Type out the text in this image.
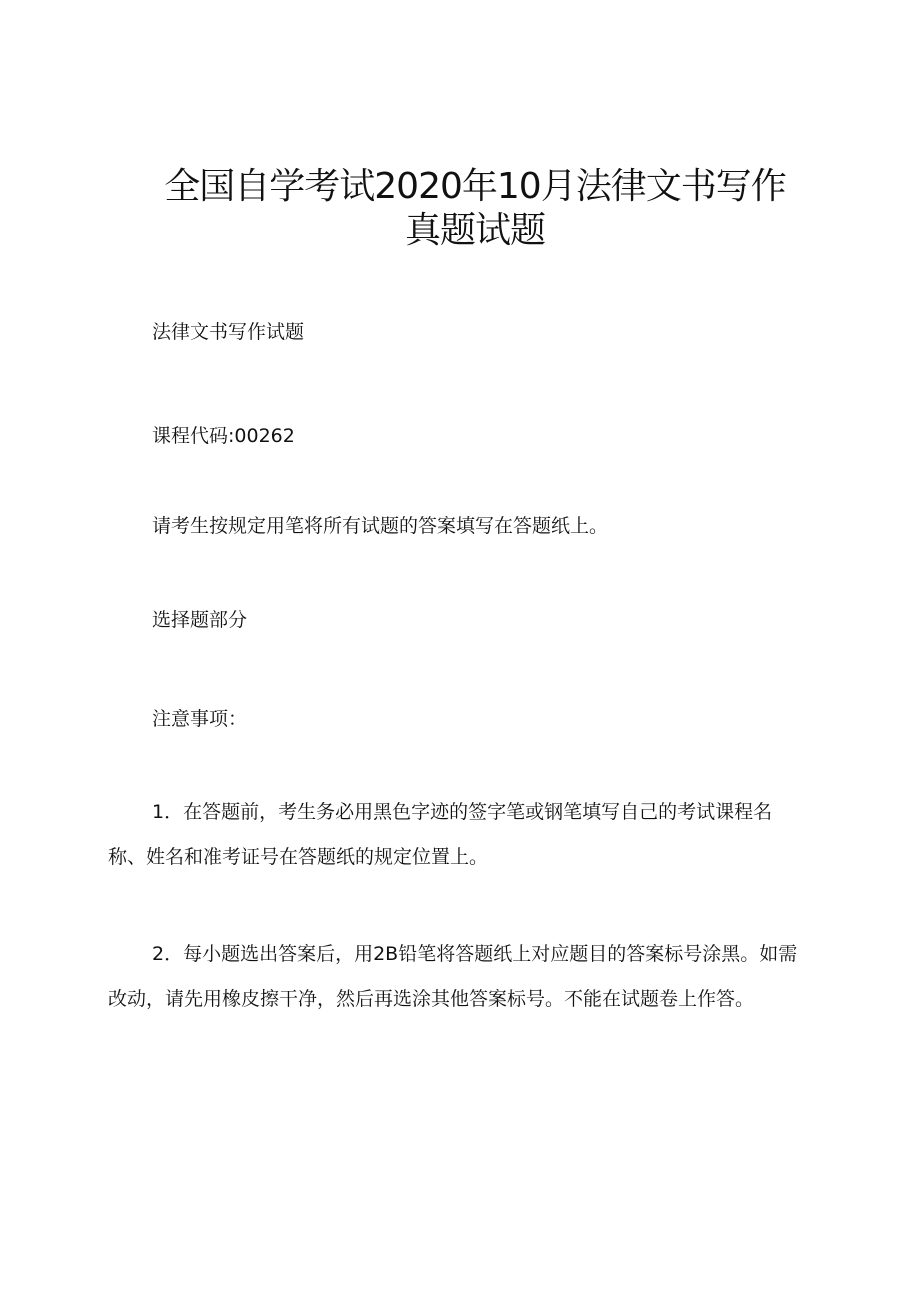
全国自学考试2020年10月法律文书写作真题试题

法律文书写作试题

课程代码:00262

请考生按规定用笔将所有试题的答案填写在答题纸上。

选择题部分

注意事项：

1．在答题前，考生务必用黑色字迹的签字笔或钢笔填写自己的考试课程名称、姓名和准考证号在答题纸的规定位置上。

2．每小题选出答案后，用2B铅笔将答题纸上对应题目的答案标号涂黑。如需改动，请先用橡皮擦干净，然后再选涂其他答案标号。不能在试题卷上作答。
